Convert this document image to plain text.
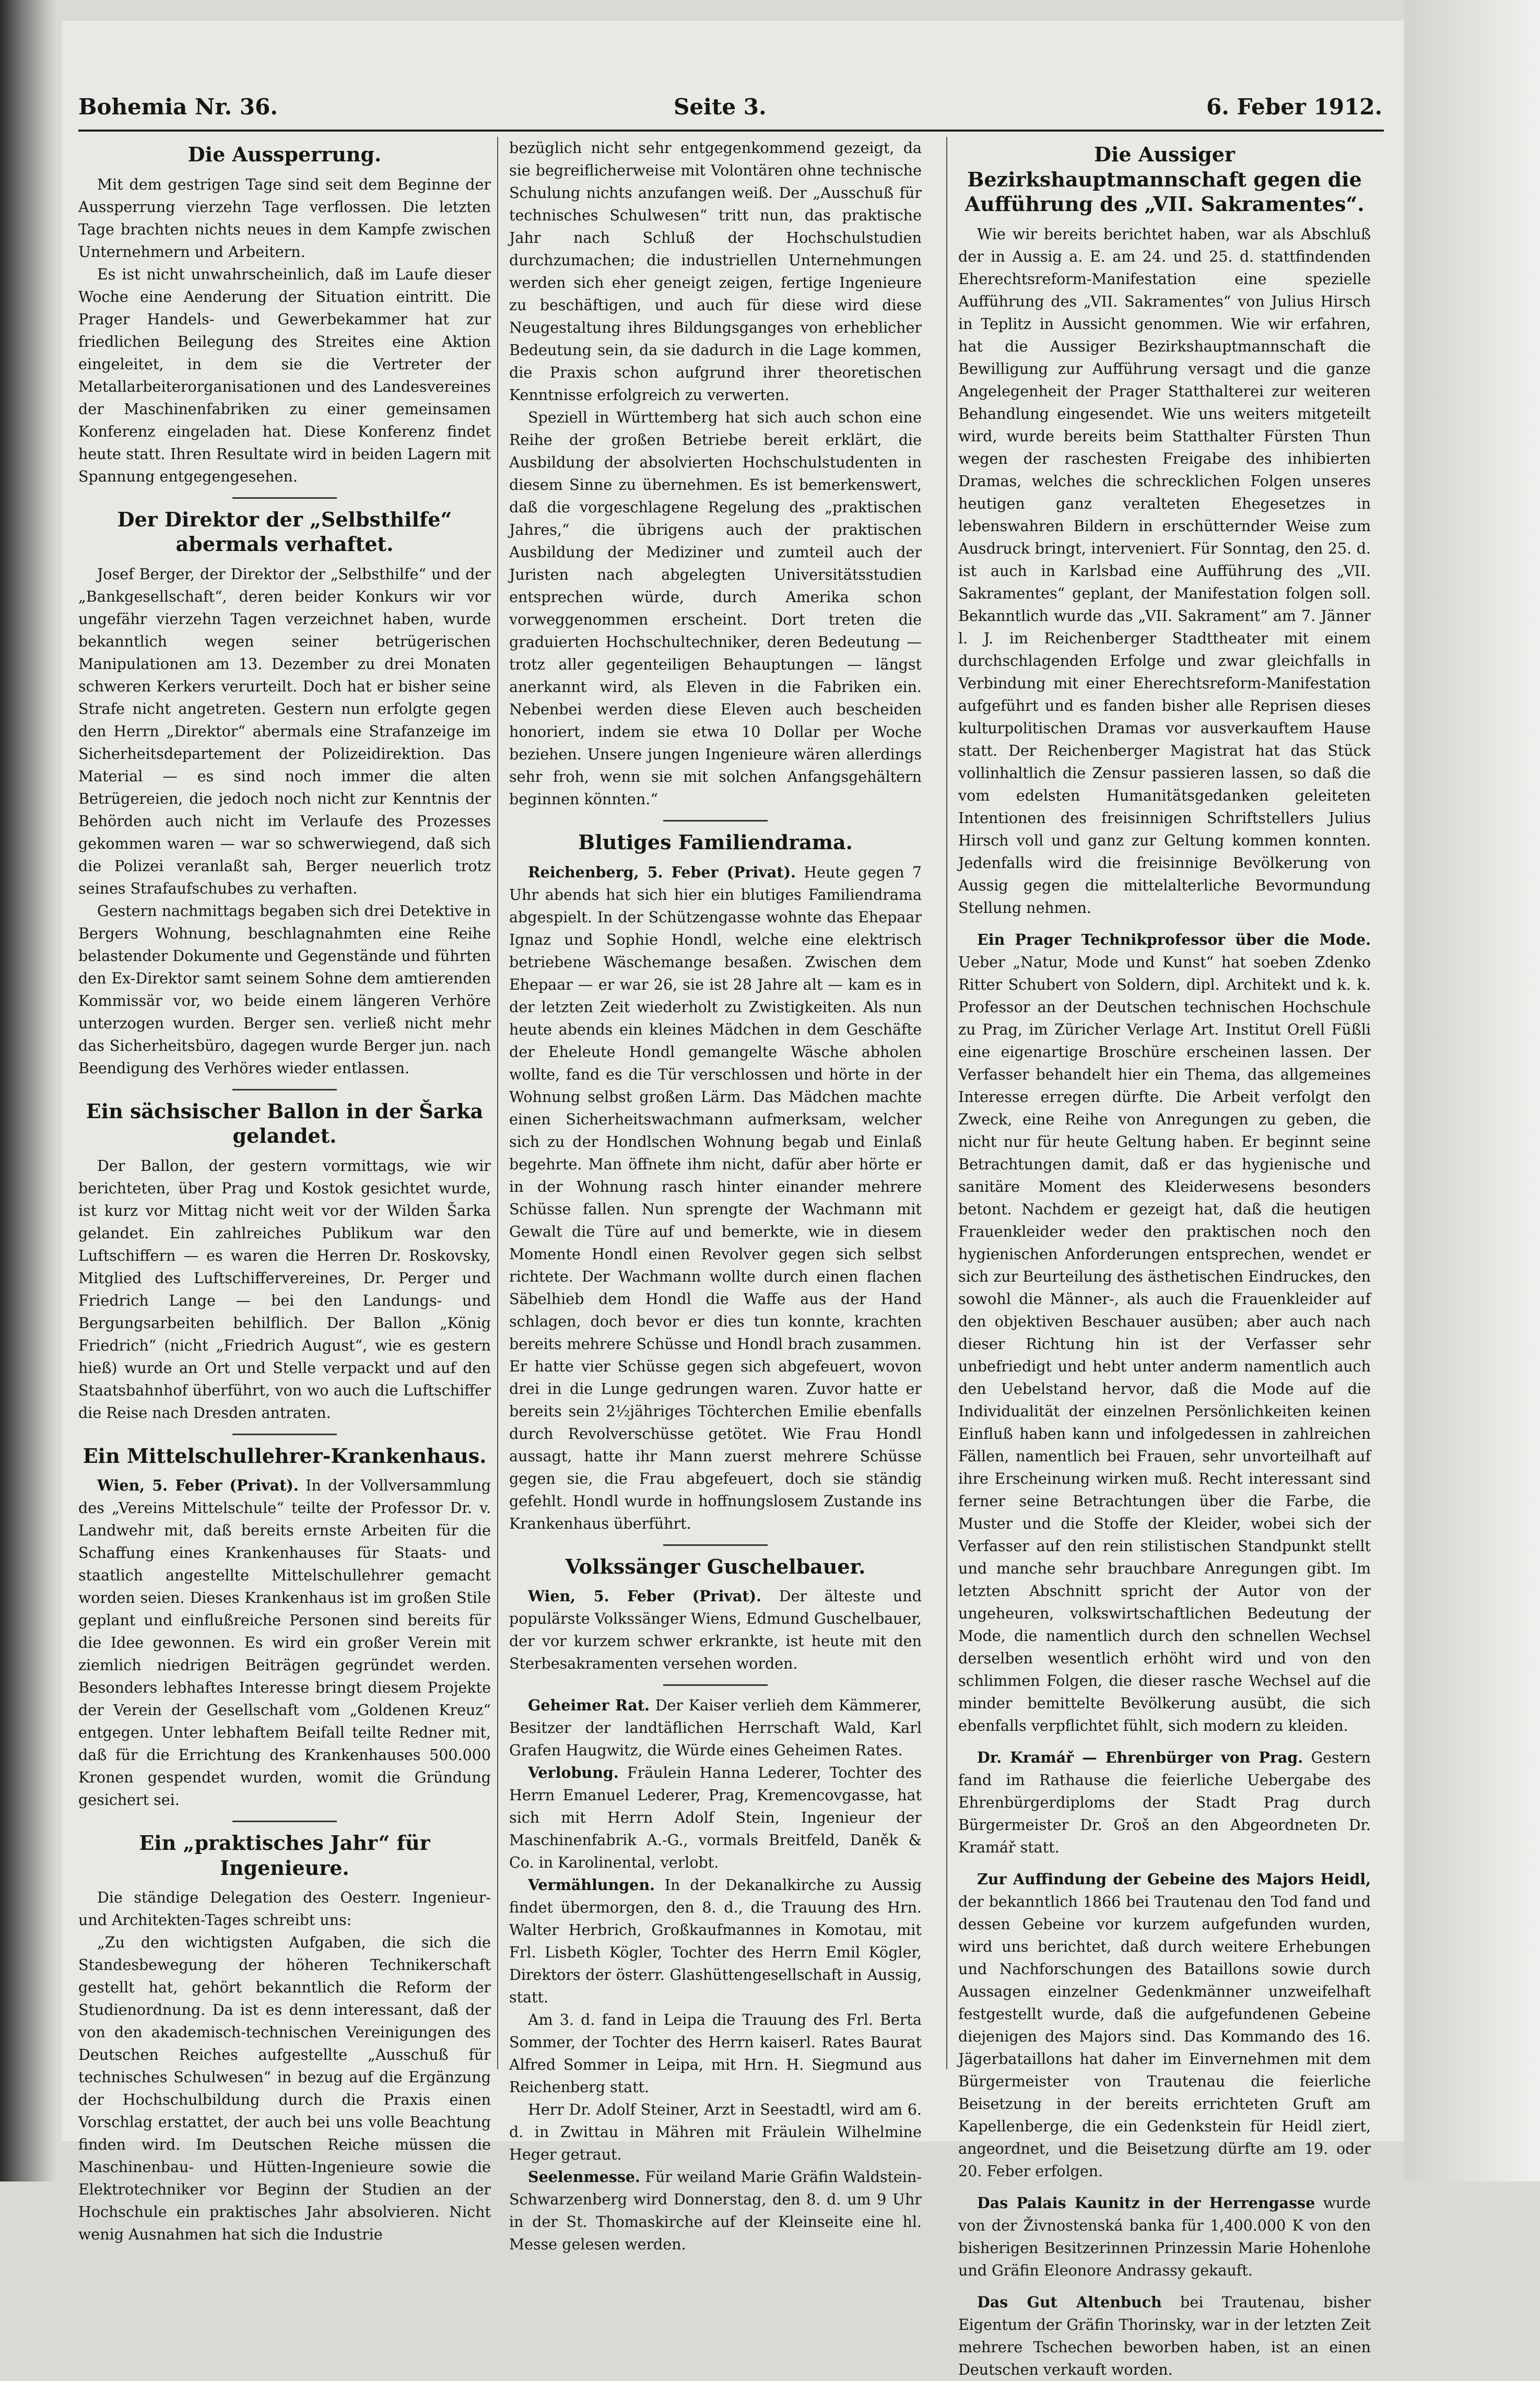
Bohemia Nr. 36.	Seite 3.	6. Feber 1912.
Die Aussperrung.

Mit dem gestrigen Tage sind seit dem Beginne der Aussperrung vierzehn Tage verflossen. Die letzten Tage brachten nichts neues in dem Kampfe zwischen Unternehmern und Arbeitern.

Es ist nicht unwahrscheinlich, daß im Laufe dieser Woche eine Aenderung der Situation eintritt. Die Prager Handels- und Gewerbekammer hat zur friedlichen Beilegung des Streites eine Aktion eingeleitet, in dem sie die Vertreter der Metallarbeiterorganisationen und des Landesvereines der Maschinenfabriken zu einer gemeinsamen Konferenz eingeladen hat. Diese Konferenz findet heute statt. Ihren Resultate wird in beiden Lagern mit Spannung entgegengesehen.

Der Direktor der „Selbsthilfe“ abermals verhaftet.

Josef Berger, der Direktor der „Selbsthilfe“ und der „Bankgesellschaft“, deren beider Konkurs wir vor ungefähr vierzehn Tagen verzeichnet haben, wurde bekanntlich wegen seiner betrügerischen Manipulationen am 13. Dezember zu drei Monaten schweren Kerkers verurteilt. Doch hat er bisher seine Strafe nicht angetreten. Gestern nun erfolgte gegen den Herrn „Direktor“ abermals eine Strafanzeige im Sicherheitsdepartement der Polizeidirektion. Das Material — es sind noch immer die alten Betrügereien, die jedoch noch nicht zur Kenntnis der Behörden auch nicht im Verlaufe des Prozesses gekommen waren — war so schwerwiegend, daß sich die Polizei veranlaßt sah, Berger neuerlich trotz seines Strafaufschubes zu verhaften.

Gestern nachmittags begaben sich drei Detektive in Bergers Wohnung, beschlagnahmten eine Reihe belastender Dokumente und Gegenstände und führten den Ex-Direktor samt seinem Sohne dem amtierenden Kommissär vor, wo beide einem längeren Verhöre unterzogen wurden. Berger sen. verließ nicht mehr das Sicherheitsbüro, dagegen wurde Berger jun. nach Beendigung des Verhöres wieder entlassen.

Ein sächsischer Ballon in der Šarka gelandet.

Der Ballon, der gestern vormittags, wie wir berichteten, über Prag und Kostok gesichtet wurde, ist kurz vor Mittag nicht weit vor der Wilden Šarka gelandet. Ein zahlreiches Publikum war den Luftschiffern — es waren die Herren Dr. Roskovsky, Mitglied des Luftschiffervereines, Dr. Perger und Friedrich Lange — bei den Landungs- und Bergungsarbeiten behilflich. Der Ballon „König Friedrich“ (nicht „Friedrich August“, wie es gestern hieß) wurde an Ort und Stelle verpackt und auf den Staatsbahnhof überführt, von wo auch die Luftschiffer die Reise nach Dresden antraten.

Ein Mittelschullehrer-Krankenhaus.

Wien, 5. Feber (Privat). In der Vollversammlung des „Vereins Mittelschule“ teilte der Professor Dr. v. Landwehr mit, daß bereits ernste Arbeiten für die Schaffung eines Krankenhauses für Staats- und staatlich angestellte Mittelschullehrer gemacht worden seien. Dieses Krankenhaus ist im großen Stile geplant und einflußreiche Personen sind bereits für die Idee gewonnen. Es wird ein großer Verein mit ziemlich niedrigen Beiträgen gegründet werden. Besonders lebhaftes Interesse bringt diesem Projekte der Verein der Gesellschaft vom „Goldenen Kreuz“ entgegen. Unter lebhaftem Beifall teilte Redner mit, daß für die Errichtung des Krankenhauses 500.000 Kronen gespendet wurden, womit die Gründung gesichert sei.

Ein „praktisches Jahr“ für Ingenieure.

Die ständige Delegation des Oesterr. Ingenieur- und Architekten-Tages schreibt uns:

„Zu den wichtigsten Aufgaben, die sich die Standesbewegung der höheren Technikerschaft gestellt hat, gehört bekanntlich die Reform der Studienordnung. Da ist es denn interessant, daß der von den akademisch-technischen Vereinigungen des Deutschen Reiches aufgestellte „Ausschuß für technisches Schulwesen“ in bezug auf die Ergänzung der Hochschulbildung durch die Praxis einen Vorschlag erstattet, der auch bei uns volle Beachtung finden wird. Im Deutschen Reiche müssen die Maschinenbau- und Hütten-Ingenieure sowie die Elektrotechniker vor Beginn der Studien an der Hochschule ein praktisches Jahr absolvieren. Nicht wenig Ausnahmen hat sich die Industrie

bezüglich nicht sehr entgegenkommend gezeigt, da sie begreiflicherweise mit Volontären ohne technische Schulung nichts anzufangen weiß. Der „Ausschuß für technisches Schulwesen“ tritt nun, das praktische Jahr nach Schluß der Hochschulstudien durchzumachen; die industriellen Unternehmungen werden sich eher geneigt zeigen, fertige Ingenieure zu beschäftigen, und auch für diese wird diese Neugestaltung ihres Bildungsganges von erheblicher Bedeutung sein, da sie dadurch in die Lage kommen, die Praxis schon aufgrund ihrer theoretischen Kenntnisse erfolgreich zu verwerten.

Speziell in Württemberg hat sich auch schon eine Reihe der großen Betriebe bereit erklärt, die Ausbildung der absolvierten Hochschulstudenten in diesem Sinne zu übernehmen. Es ist bemerkenswert, daß die vorgeschlagene Regelung des „praktischen Jahres,“ die übrigens auch der praktischen Ausbildung der Mediziner und zumteil auch der Juristen nach abgelegten Universitätsstudien entsprechen würde, durch Amerika schon vorweggenommen erscheint. Dort treten die graduierten Hochschultechniker, deren Bedeutung — trotz aller gegenteiligen Behauptungen — längst anerkannt wird, als Eleven in die Fabriken ein. Nebenbei werden diese Eleven auch bescheiden honoriert, indem sie etwa 10 Dollar per Woche beziehen. Unsere jungen Ingenieure wären allerdings sehr froh, wenn sie mit solchen Anfangsgehältern beginnen könnten.“

Blutiges Familiendrama.

Reichenberg, 5. Feber (Privat). Heute gegen 7 Uhr abends hat sich hier ein blutiges Familiendrama abgespielt. In der Schützengasse wohnte das Ehepaar Ignaz und Sophie Hondl, welche eine elektrisch betriebene Wäschemange besaßen. Zwischen dem Ehepaar — er war 26, sie ist 28 Jahre alt — kam es in der letzten Zeit wiederholt zu Zwistigkeiten. Als nun heute abends ein kleines Mädchen in dem Geschäfte der Eheleute Hondl gemangelte Wäsche abholen wollte, fand es die Tür verschlossen und hörte in der Wohnung selbst großen Lärm. Das Mädchen machte einen Sicherheitswachmann aufmerksam, welcher sich zu der Hondlschen Wohnung begab und Einlaß begehrte. Man öffnete ihm nicht, dafür aber hörte er in der Wohnung rasch hinter einander mehrere Schüsse fallen. Nun sprengte der Wachmann mit Gewalt die Türe auf und bemerkte, wie in diesem Momente Hondl einen Revolver gegen sich selbst richtete. Der Wachmann wollte durch einen flachen Säbelhieb dem Hondl die Waffe aus der Hand schlagen, doch bevor er dies tun konnte, krachten bereits mehrere Schüsse und Hondl brach zusammen. Er hatte vier Schüsse gegen sich abgefeuert, wovon drei in die Lunge gedrungen waren. Zuvor hatte er bereits sein 2½jähriges Töchterchen Emilie ebenfalls durch Revolverschüsse getötet. Wie Frau Hondl aussagt, hatte ihr Mann zuerst mehrere Schüsse gegen sie, die Frau abgefeuert, doch sie ständig gefehlt. Hondl wurde in hoffnungslosem Zustande ins Krankenhaus überführt.

Volkssänger Guschelbauer.

Wien, 5. Feber (Privat). Der älteste und populärste Volkssänger Wiens, Edmund Guschelbauer, der vor kurzem schwer erkrankte, ist heute mit den Sterbesakramenten versehen worden.

Geheimer Rat. Der Kaiser verlieh dem Kämmerer, Besitzer der landtäflichen Herrschaft Wald, Karl Grafen Haugwitz, die Würde eines Geheimen Rates.

Verlobung. Fräulein Hanna Lederer, Tochter des Herrn Emanuel Lederer, Prag, Kremencovgasse, hat sich mit Herrn Adolf Stein, Ingenieur der Maschinenfabrik A.-G., vormals Breitfeld, Daněk & Co. in Karolinental, verlobt.

Vermählungen. In der Dekanalkirche zu Aussig findet übermorgen, den 8. d., die Trauung des Hrn. Walter Herbrich, Großkaufmannes in Komotau, mit Frl. Lisbeth Kögler, Tochter des Herrn Emil Kögler, Direktors der österr. Glashüttengesellschaft in Aussig, statt.

Am 3. d. fand in Leipa die Trauung des Frl. Berta Sommer, der Tochter des Herrn kaiserl. Rates Baurat Alfred Sommer in Leipa, mit Hrn. H. Siegmund aus Reichenberg statt.

Herr Dr. Adolf Steiner, Arzt in Seestadtl, wird am 6. d. in Zwittau in Mähren mit Fräulein Wilhelmine Heger getraut.

Seelenmesse. Für weiland Marie Gräfin Waldstein-Schwarzenberg wird Donnerstag, den 8. d. um 9 Uhr in der St. Thomaskirche auf der Kleinseite eine hl. Messe gelesen werden.

Die Aussiger Bezirkshauptmannschaft gegen die Aufführung des „VII. Sakramentes“.

Wie wir bereits berichtet haben, war als Abschluß der in Aussig a. E. am 24. und 25. d. stattfindenden Eherechtsreform-Manifestation eine spezielle Aufführung des „VII. Sakramentes“ von Julius Hirsch in Teplitz in Aussicht genommen. Wie wir erfahren, hat die Aussiger Bezirkshauptmannschaft die Bewilligung zur Aufführung versagt und die ganze Angelegenheit der Prager Statthalterei zur weiteren Behandlung eingesendet. Wie uns weiters mitgeteilt wird, wurde bereits beim Statthalter Fürsten Thun wegen der raschesten Freigabe des inhibierten Dramas, welches die schrecklichen Folgen unseres heutigen ganz veralteten Ehegesetzes in lebenswahren Bildern in erschütternder Weise zum Ausdruck bringt, interveniert. Für Sonntag, den 25. d. ist auch in Karlsbad eine Aufführung des „VII. Sakramentes“ geplant, der Manifestation folgen soll. Bekanntlich wurde das „VII. Sakrament“ am 7. Jänner l. J. im Reichenberger Stadttheater mit einem durchschlagenden Erfolge und zwar gleichfalls in Verbindung mit einer Eherechtsreform-Manifestation aufgeführt und es fanden bisher alle Reprisen dieses kulturpolitischen Dramas vor ausverkauftem Hause statt. Der Reichenberger Magistrat hat das Stück vollinhaltlich die Zensur passieren lassen, so daß die vom edelsten Humanitätsgedanken geleiteten Intentionen des freisinnigen Schriftstellers Julius Hirsch voll und ganz zur Geltung kommen konnten. Jedenfalls wird die freisinnige Bevölkerung von Aussig gegen die mittelalterliche Bevormundung Stellung nehmen.

Ein Prager Technikprofessor über die Mode. Ueber „Natur, Mode und Kunst“ hat soeben Zdenko Ritter Schubert von Soldern, dipl. Architekt und k. k. Professor an der Deutschen technischen Hochschule zu Prag, im Züricher Verlage Art. Institut Orell Füßli eine eigenartige Broschüre erscheinen lassen. Der Verfasser behandelt hier ein Thema, das allgemeines Interesse erregen dürfte. Die Arbeit verfolgt den Zweck, eine Reihe von Anregungen zu geben, die nicht nur für heute Geltung haben. Er beginnt seine Betrachtungen damit, daß er das hygienische und sanitäre Moment des Kleiderwesens besonders betont. Nachdem er gezeigt hat, daß die heutigen Frauenkleider weder den praktischen noch den hygienischen Anforderungen entsprechen, wendet er sich zur Beurteilung des ästhetischen Eindruckes, den sowohl die Männer-, als auch die Frauenkleider auf den objektiven Beschauer ausüben; aber auch nach dieser Richtung hin ist der Verfasser sehr unbefriedigt und hebt unter anderm namentlich auch den Uebelstand hervor, daß die Mode auf die Individualität der einzelnen Persönlichkeiten keinen Einfluß haben kann und infolgedessen in zahlreichen Fällen, namentlich bei Frauen, sehr unvorteilhaft auf ihre Erscheinung wirken muß. Recht interessant sind ferner seine Betrachtungen über die Farbe, die Muster und die Stoffe der Kleider, wobei sich der Verfasser auf den rein stilistischen Standpunkt stellt und manche sehr brauchbare Anregungen gibt. Im letzten Abschnitt spricht der Autor von der ungeheuren, volkswirtschaftlichen Bedeutung der Mode, die namentlich durch den schnellen Wechsel derselben wesentlich erhöht wird und von den schlimmen Folgen, die dieser rasche Wechsel auf die minder bemittelte Bevölkerung ausübt, die sich ebenfalls verpflichtet fühlt, sich modern zu kleiden.

Dr. Kramář — Ehrenbürger von Prag. Gestern fand im Rathause die feierliche Uebergabe des Ehrenbürgerdiploms der Stadt Prag durch Bürgermeister Dr. Groš an den Abgeordneten Dr. Kramář statt.

Zur Auffindung der Gebeine des Majors Heidl, der bekanntlich 1866 bei Trautenau den Tod fand und dessen Gebeine vor kurzem aufgefunden wurden, wird uns berichtet, daß durch weitere Erhebungen und Nachforschungen des Bataillons sowie durch Aussagen einzelner Gedenkmänner unzweifelhaft festgestellt wurde, daß die aufgefundenen Gebeine diejenigen des Majors sind. Das Kommando des 16. Jägerbataillons hat daher im Einvernehmen mit dem Bürgermeister von Trautenau die feierliche Beisetzung in der bereits errichteten Gruft am Kapellenberge, die ein Gedenkstein für Heidl ziert, angeordnet, und die Beisetzung dürfte am 19. oder 20. Feber erfolgen.

Das Palais Kaunitz in der Herrengasse wurde von der Živnostenská banka für 1,400.000 K von den bisherigen Besitzerinnen Prinzessin Marie Hohenlohe und Gräfin Eleonore Andrassy gekauft.

Das Gut Altenbuch bei Trautenau, bisher Eigentum der Gräfin Thorinsky, war in der letzten Zeit mehrere Tschechen beworben haben, ist an einen Deutschen verkauft worden.
